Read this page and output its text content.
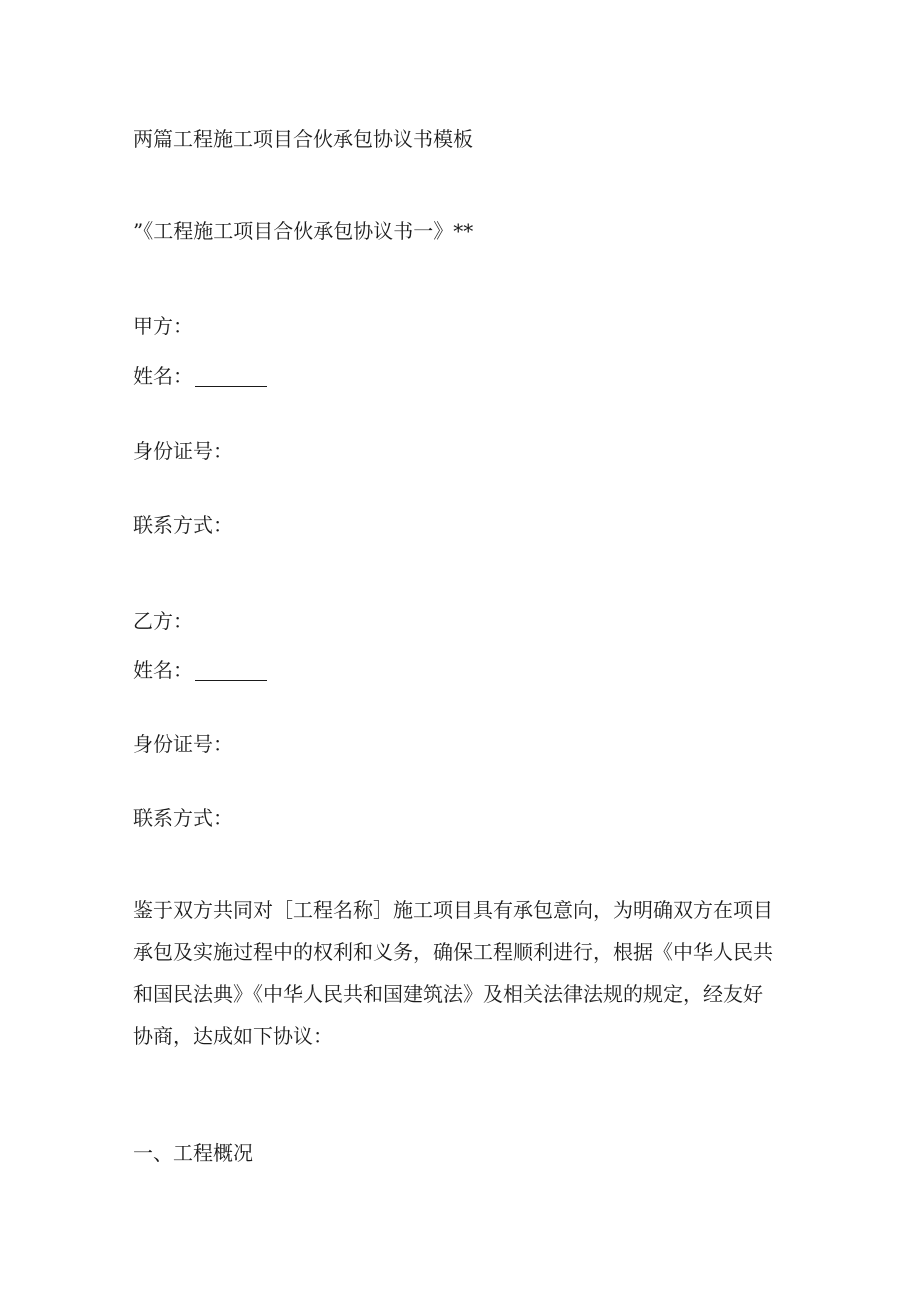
两篇工程施工项目合伙承包协议书模板
”《工程施工项目合伙承包协议书一》**
甲方：
姓名：
身份证号：
联系方式：
乙方：
姓名：
身份证号：
联系方式：
鉴于双方共同对［工程名称］施工项目具有承包意向，为明确双方在项目
承包及实施过程中的权利和义务，确保工程顺利进行，根据《中华人民共
和国民法典》《中华人民共和国建筑法》及相关法律法规的规定，经友好
协商，达成如下协议：
一、工程概况
